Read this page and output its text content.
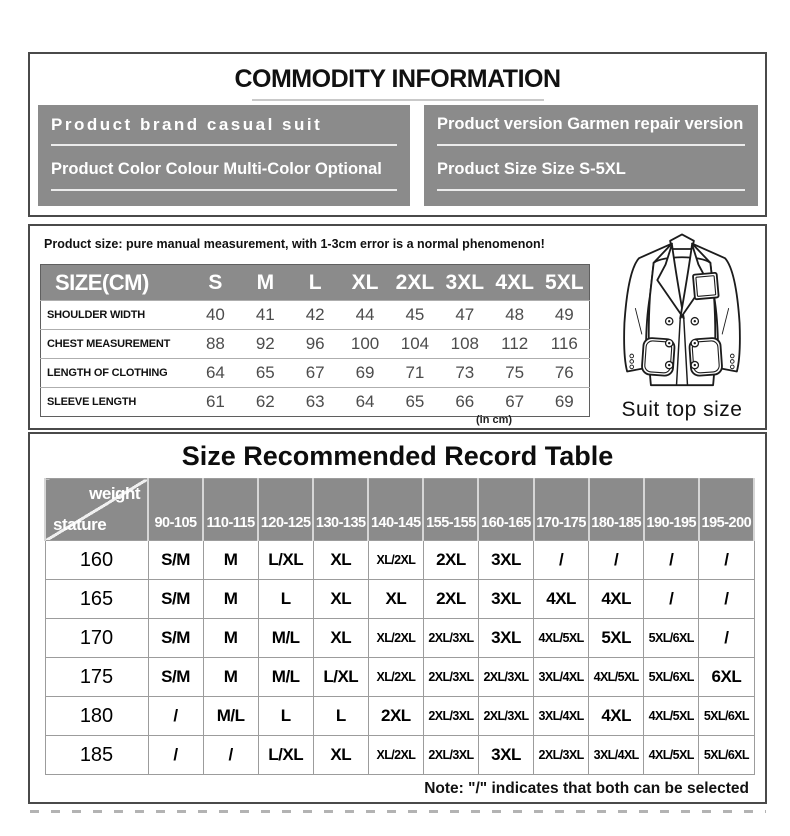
COMMODITY INFORMATION
Product brand casual suit
Product Color Colour Multi-Color Optional
Product version Garmen repair version
Product Size Size S-5XL

Product size: pure manual measurement, with 1-3cm error is a normal phenomenon!

SIZE(CM)	S	M	L	XL	2XL	3XL	4XL	5XL
SHOULDER WIDTH	40	41	42	44	45	47	48	49
CHEST MEASUREMENT	88	92	96	100	104	108	112	116
LENGTH OF CLOTHING	64	65	67	69	71	73	75	76
SLEEVE LENGTH	61	62	63	64	65	66	67	69
(in cm)	Suit top size
Size Recommended Record Table
weight
stature	90-105	110-115	120-125	130-135	140-145	155-155	160-165	170-175	180-185	190-195	195-200
160	S/M	M	L/XL	XL	XL/2XL	2XL	3XL	/	/	/	/
165	S/M	M	L	XL	XL	2XL	3XL	4XL	4XL	/	/
170	S/M	M	M/L	XL	XL/2XL	2XL/3XL	3XL	4XL/5XL	5XL	5XL/6XL	/
175	S/M	M	M/L	L/XL	XL/2XL	2XL/3XL	2XL/3XL	3XL/4XL	4XL/5XL	5XL/6XL	6XL
180	/	M/L	L	L	2XL	2XL/3XL	2XL/3XL	3XL/4XL	4XL	4XL/5XL	5XL/6XL
185	/	/	L/XL	XL	XL/2XL	2XL/3XL	3XL	2XL/3XL	3XL/4XL	4XL/5XL	5XL/6XL
Note: "/" indicates that both can be selected
